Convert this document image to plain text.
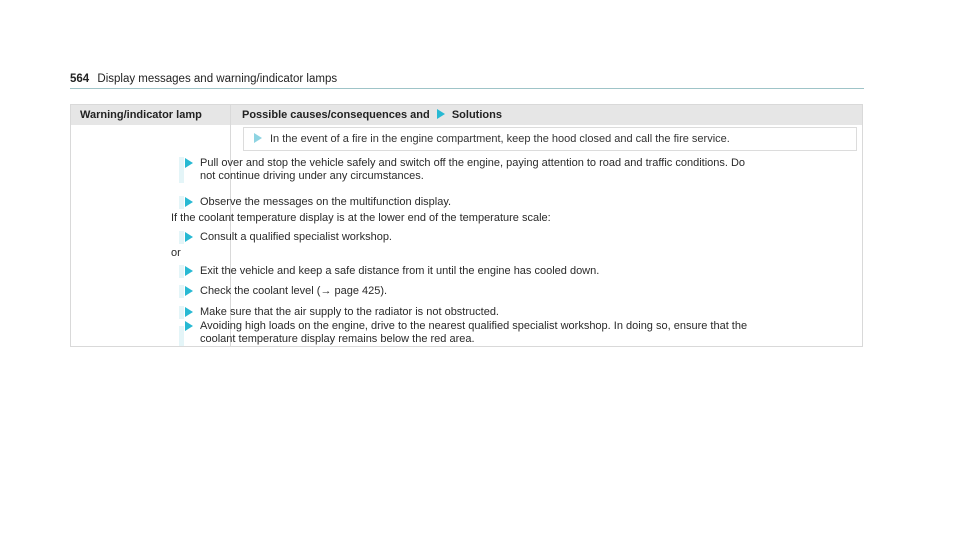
564 Display messages and warning/indicator lamps
Warning/indicator lamp	Possible causes/consequences and Solutions
In the event of a fire in the engine compartment, keep the hood closed and call the fire service.
Pull over and stop the vehicle safely and switch off the engine, paying attention to road and traffic conditions. Do
not continue driving under any circumstances.
Observe the messages on the multifunction display.
If the coolant temperature display is at the lower end of the temperature scale:
Consult a qualified specialist workshop.
or
Exit the vehicle and keep a safe distance from it until the engine has cooled down.
Check the coolant level (→ page 425).
Make sure that the air supply to the radiator is not obstructed.
Avoiding high loads on the engine, drive to the nearest qualified specialist workshop. In doing so, ensure that the
coolant temperature display remains below the red area.
